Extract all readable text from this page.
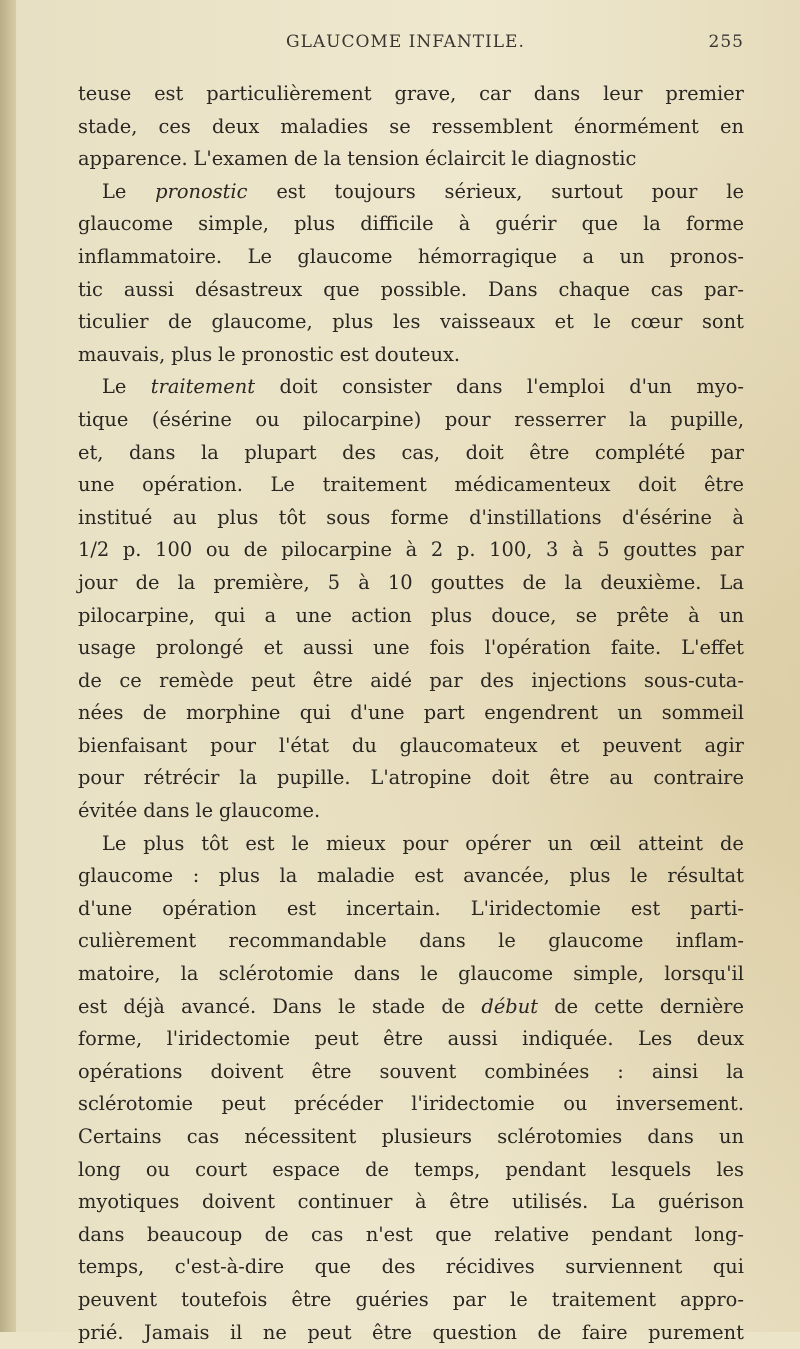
GLAUCOME INFANTILE.	255
teuse est particulièrement grave, car dans leur premier
stade, ces deux maladies se ressemblent énormément en
apparence. L'examen de la tension éclaircit le diagnostic
Le pronostic est toujours sérieux, surtout pour le
glaucome simple, plus difficile à guérir que la forme
inflammatoire. Le glaucome hémorragique a un pronos-
tic aussi désastreux que possible. Dans chaque cas par-
ticulier de glaucome, plus les vaisseaux et le cœur sont
mauvais, plus le pronostic est douteux.
Le traitement doit consister dans l'emploi d'un myo-
tique (ésérine ou pilocarpine) pour resserrer la pupille,
et, dans la plupart des cas, doit être complété par
une opération. Le traitement médicamenteux doit être
institué au plus tôt sous forme d'instillations d'ésérine à
1/2 p. 100 ou de pilocarpine à 2 p. 100, 3 à 5 gouttes par
jour de la première, 5 à 10 gouttes de la deuxième. La
pilocarpine, qui a une action plus douce, se prête à un
usage prolongé et aussi une fois l'opération faite. L'effet
de ce remède peut être aidé par des injections sous-cuta-
nées de morphine qui d'une part engendrent un sommeil
bienfaisant pour l'état du glaucomateux et peuvent agir
pour rétrécir la pupille. L'atropine doit être au contraire
évitée dans le glaucome.
Le plus tôt est le mieux pour opérer un œil atteint de
glaucome : plus la maladie est avancée, plus le résultat
d'une opération est incertain. L'iridectomie est parti-
culièrement recommandable dans le glaucome inflam-
matoire, la sclérotomie dans le glaucome simple, lorsqu'il
est déjà avancé. Dans le stade de début de cette dernière
forme, l'iridectomie peut être aussi indiquée. Les deux
opérations doivent être souvent combinées : ainsi la
sclérotomie peut précéder l'iridectomie ou inversement.
Certains cas nécessitent plusieurs sclérotomies dans un
long ou court espace de temps, pendant lesquels les
myotiques doivent continuer à être utilisés. La guérison
dans beaucoup de cas n'est que relative pendant long-
temps, c'est-à-dire que des récidives surviennent qui
peuvent toutefois être guéries par le traitement appro-
prié. Jamais il ne peut être question de faire purement
